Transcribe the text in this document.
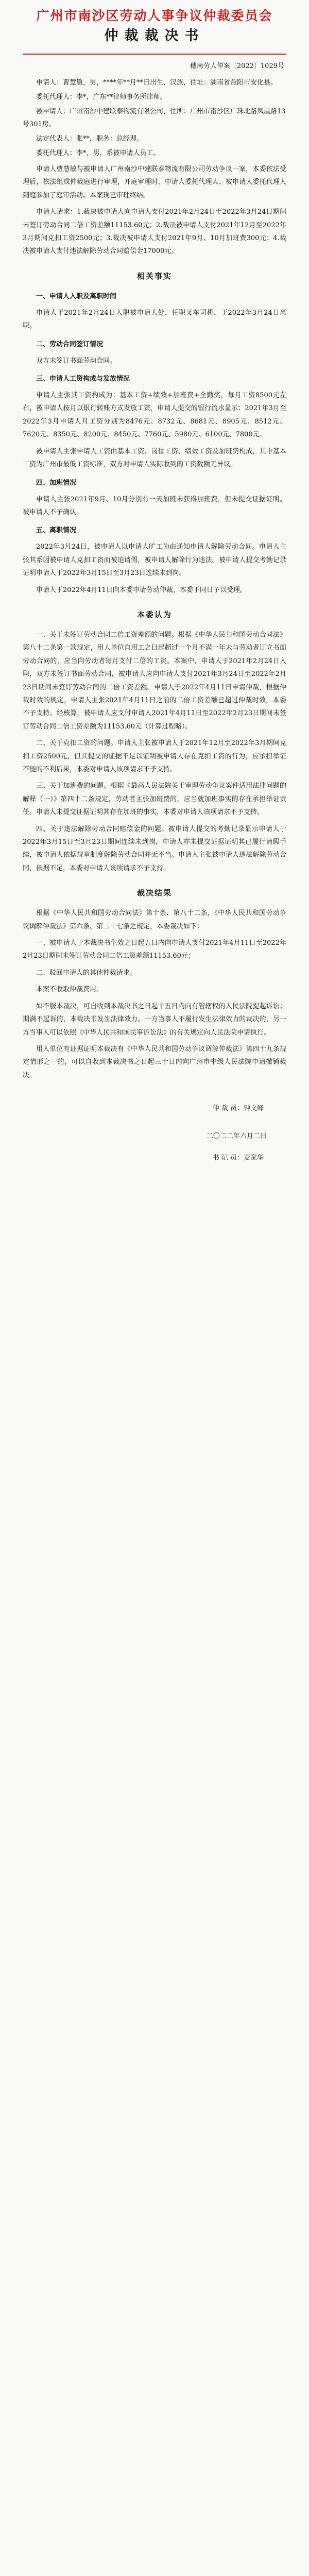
广州市南沙区劳动人事争议仲裁委员会
仲裁裁决书
穗南劳人仲案〔2022〕1029号

申请人：曹慧敏，男，****年**月**日出生，汉族，住址：湖南省益阳市安化县。

委托代理人：李*，广东**律师事务所律师。

被申请人：广州南沙中建联泰物流有限公司，住所：广州市南沙区广珠北路凤凰路13号301房。

法定代表人：张**，职务：总经理。

委托代理人：李*，男，系被申请人员工。

申请人曹慧敏与被申请人广州南沙中建联泰物流有限公司劳动争议一案，本委依法受理后，依法组成仲裁庭进行审理，开庭审理时，申请人委托代理人、被申请人委托代理人到庭参加了庭审活动。本案现已审理终结。

申请人请求：1.裁决被申请人向申请人支付2021年2月24日至2022年3月24日期间未签订劳动合同二倍工资差额11153.60元；2.裁决被申请人支付2021年12月至2022年3月期间克扣工资2500元；3.裁决被申请人支付2021年9月、10月加班费300元；4.裁决被申请人支付违法解除劳动合同赔偿金17000元。

相关事实

一、申请人入职及离职时间

申请人于2021年2月24日入职被申请人处，任职叉车司机，于2022年3月24日离职。

二、劳动合同签订情况

双方未签订书面劳动合同。

三、申请人工资构成与发放情况

申请人主张其工资构成为：基本工资+绩效+加班费+全勤奖，每月工资8500元左右，被申请人按月以银行转账方式发放工资，申请人提交的银行流水显示：2021年3月至2022年3月申请人月工资分别为8476元、8732元、8681元、8905元、8512元、7620元、8350元、8200元、8450元、7760元、5980元、6100元、7800元。

被申请人主张申请人工资由基本工资、岗位工资、绩效工资及加班费构成，其中基本工资为广州市最低工资标准，双方对申请人实际收到的工资数额无异议。

四、加班情况

申请人主张2021年9月、10月分别有一天加班未获得加班费，但未提交证据证明。被申请人不予确认。

五、离职情况

2022年3月24日，被申请人以申请人旷工为由通知申请人解除劳动合同。申请人主张其系因被申请人克扣工资而被迫请假，被申请人解除行为违法。被申请人提交考勤记录证明申请人于2022年3月15日至3月23日连续未到岗。

申请人于2022年4月11日向本委申请劳动仲裁，本委于同日予以受理。

本委认为

一、关于未签订劳动合同二倍工资差额的问题。根据《中华人民共和国劳动合同法》第八十二条第一款规定，用人单位自用工之日起超过一个月不满一年未与劳动者订立书面劳动合同的，应当向劳动者每月支付二倍的工资。本案中，申请人于2021年2月24日入职，双方未签订书面劳动合同，被申请人应向申请人支付2021年3月24日至2022年2月23日期间未签订劳动合同的二倍工资差额。申请人于2022年4月11日申请仲裁，根据仲裁时效的规定，申请人主张2021年4月11日之前的二倍工资差额已超过仲裁时效，本委不予支持。经核算，被申请人应支付申请人2021年4月11日至2022年2月23日期间未签订劳动合同二倍工资差额为11153.60元（计算过程略）。

二、关于克扣工资的问题。申请人主张被申请人于2021年12月至2022年3月期间克扣工资2500元，但其提交的证据不足以证明被申请人存在克扣工资的行为，应承担举证不能的不利后果，本委对申请人该项请求不予支持。

三、关于加班费的问题。根据《最高人民法院关于审理劳动争议案件适用法律问题的解释（一）》第四十二条规定，劳动者主张加班费的，应当就加班事实的存在承担举证责任。申请人未提交证据证明其存在加班的事实，本委对申请人该项请求不予支持。

四、关于违法解除劳动合同赔偿金的问题。被申请人提交的考勤记录显示申请人于2022年3月15日至3月23日期间连续未到岗，申请人亦未提交证据证明其已履行请假手续，被申请人依据规章制度解除劳动合同并无不当。申请人主张被申请人违法解除劳动合同，依据不足，本委对申请人该项请求不予支持。

裁决结果

根据《中华人民共和国劳动合同法》第十条、第八十二条，《中华人民共和国劳动争议调解仲裁法》第六条、第二十七条之规定，本委裁决如下：

一、被申请人于本裁决书生效之日起五日内向申请人支付2021年4月11日至2022年2月23日期间未签订劳动合同二倍工资差额11153.60元；

二、驳回申请人的其他仲裁请求。

本案不收取仲裁费用。

如不服本裁决，可自收到本裁决书之日起十五日内向有管辖权的人民法院提起诉讼；期满不起诉的，本裁决书发生法律效力。一方当事人不履行发生法律效力的裁决的，另一方当事人可以依照《中华人民共和国民事诉讼法》的有关规定向人民法院申请执行。

用人单位有证据证明本裁决有《中华人民共和国劳动争议调解仲裁法》第四十九条规定情形之一的，可以自收到本裁决书之日起三十日内向广州市中级人民法院申请撤销裁决。

仲 裁 员：钟文峰
二〇二二年六月二日
书 记 员：麦家华
